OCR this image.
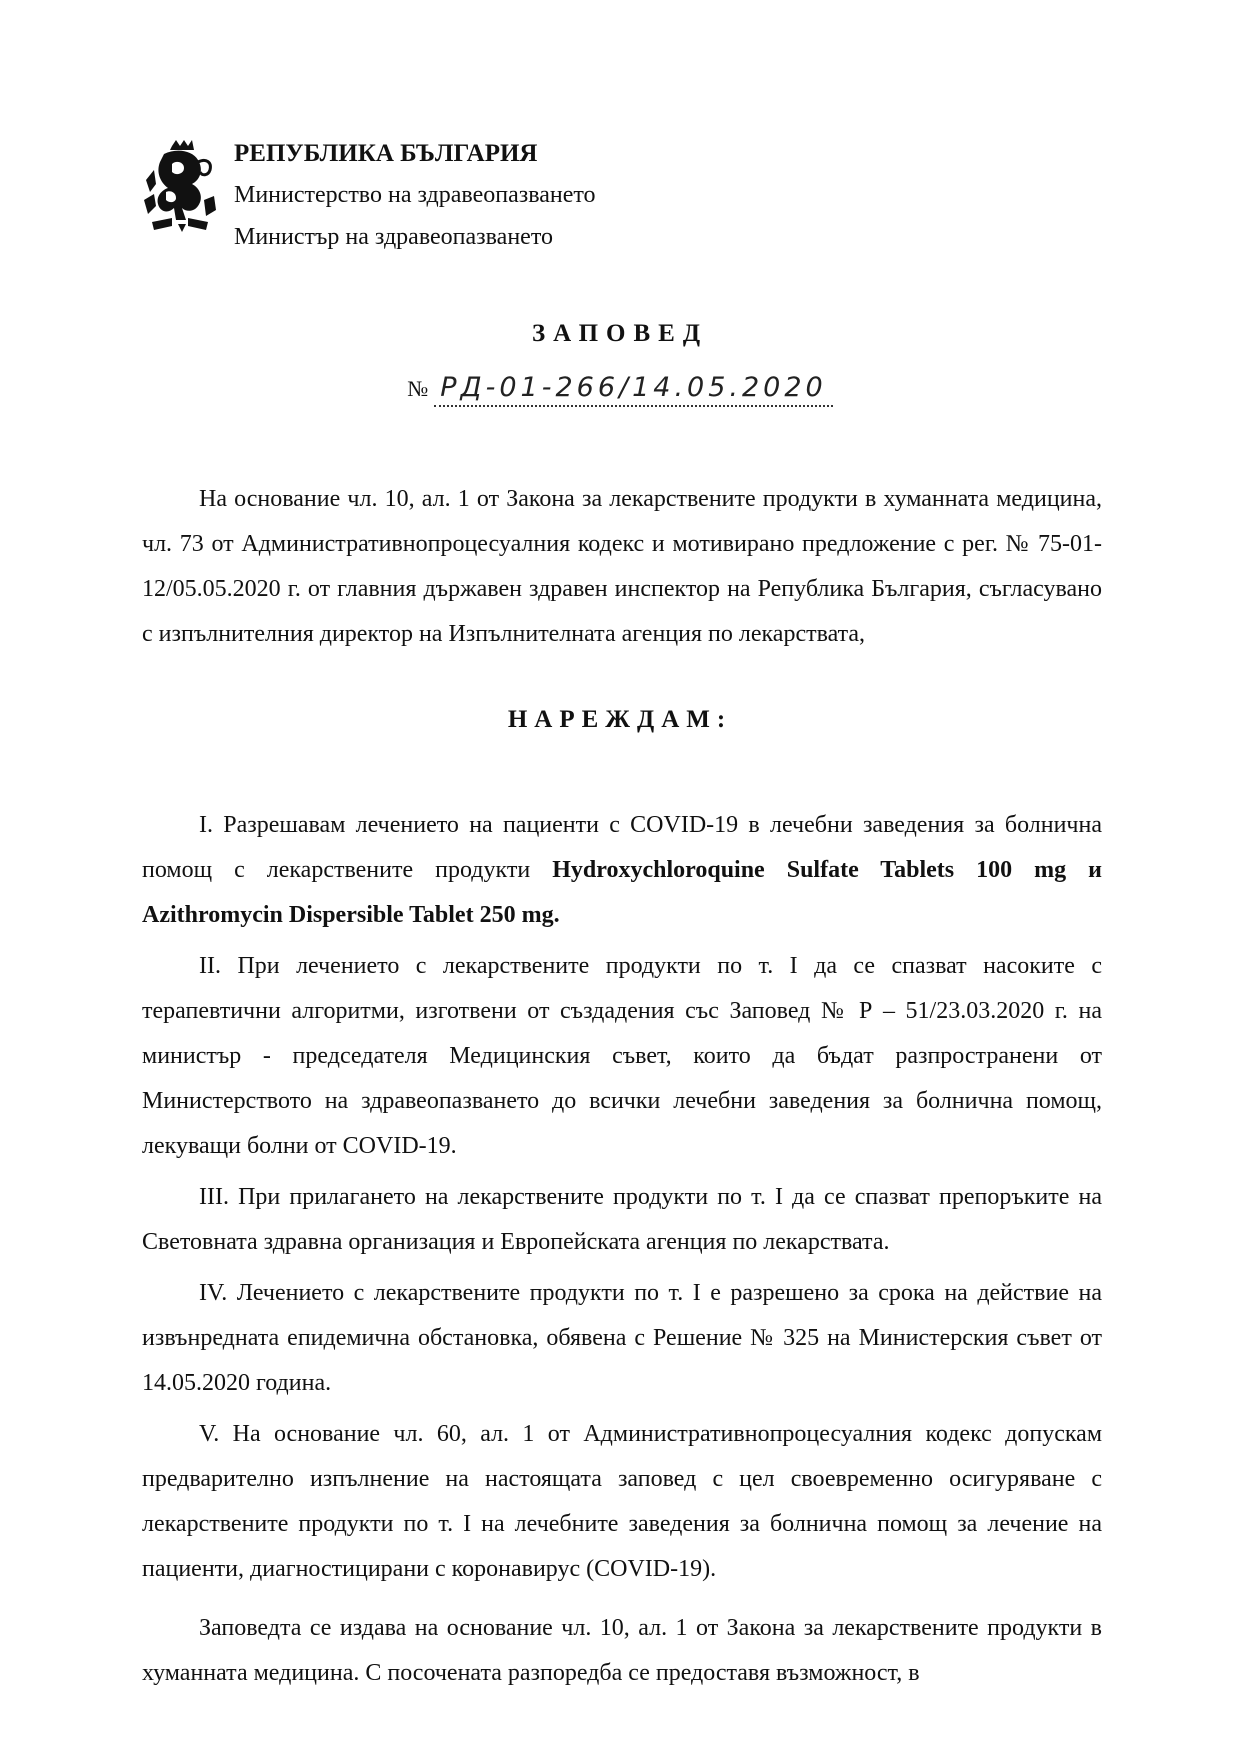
РЕПУБЛИКА БЪЛГАРИЯ
Министерство на здравеопазването
Министър на здравеопазването
ЗАПОВЕД
№ РД-01-266/14.05.2020

На основание чл. 10, ал. 1 от Закона за лекарствените продукти в хуманната медицина, чл. 73 от Административнопроцесуалния кодекс и мотивирано предложение с рег. № 75-01-12/05.05.2020 г. от главния държавен здравен инспектор на Република България, съгласувано с изпълнителния директор на Изпълнителната агенция по лекарствата,

НАРЕЖДАМ:

I. Разрешавам лечението на пациенти с COVID-19 в лечебни заведения за болнична помощ с лекарствените продукти Hydroxychloroquine Sulfate Tablets 100 mg и Azithromycin Dispersible Tablet 250 mg.

II. При лечението с лекарствените продукти по т. I да се спазват насоките с терапевтични алгоритми, изготвени от създадения със Заповед № Р – 51/23.03.2020 г. на министър - председателя Медицинския съвет, които да бъдат разпространени от Министерството на здравеопазването до всички лечебни заведения за болнична помощ, лекуващи болни от COVID-19.

III. При прилагането на лекарствените продукти по т. I да се спазват препоръките на Световната здравна организация и Европейската агенция по лекарствата.

IV. Лечението с лекарствените продукти по т. I е разрешено за срока на действие на извънредната епидемична обстановка, обявена с Решение № 325 на Министерския съвет от 14.05.2020 година.

V. На основание чл. 60, ал. 1 от Административнопроцесуалния кодекс допускам предварително изпълнение на настоящата заповед с цел своевременно осигуряване с лекарствените продукти по т. I на лечебните заведения за болнична помощ за лечение на пациенти, диагностицирани с коронавирус (COVID-19).

Заповедта се издава на основание чл. 10, ал. 1 от Закона за лекарствените продукти в хуманната медицина. С посочената разпоредба се предоставя възможност, в
